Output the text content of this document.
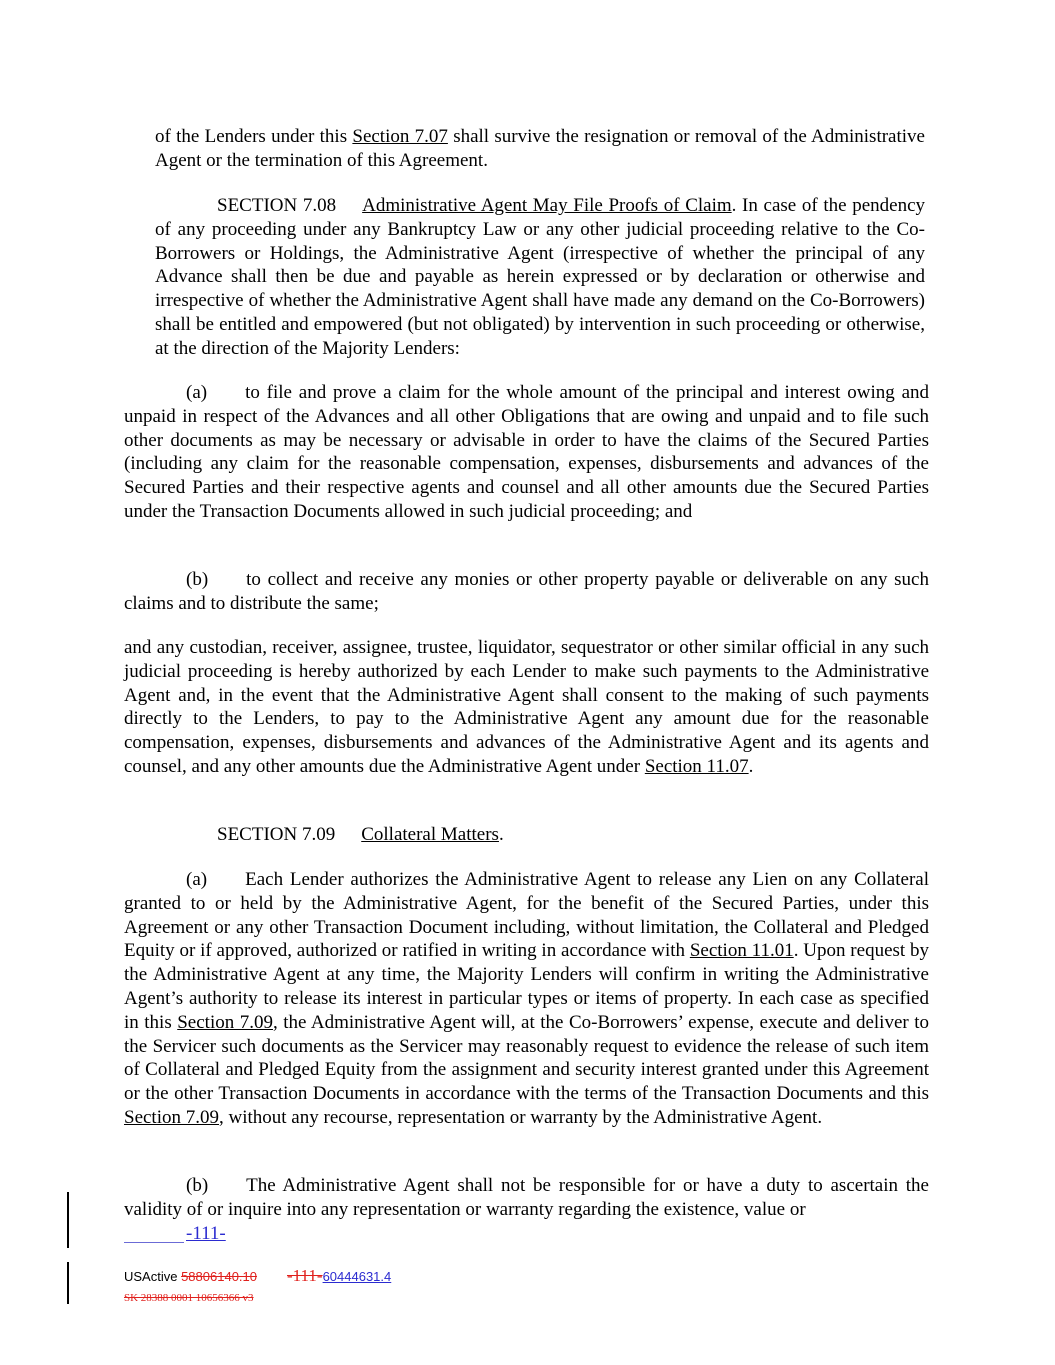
of the Lenders under this Section 7.07 shall survive the resignation or removal of the Administrative Agent or the termination of this Agreement.

SECTION 7.08 Administrative Agent May File Proofs of Claim. In case of the pendency of any proceeding under any Bankruptcy Law or any other judicial proceeding relative to the Co-Borrowers or Holdings, the Administrative Agent (irrespective of whether the principal of any Advance shall then be due and payable as herein expressed or by declaration or otherwise and irrespective of whether the Administrative Agent shall have made any demand on the Co-Borrowers) shall be entitled and empowered (but not obligated) by intervention in such proceeding or otherwise, at the direction of the Majority Lenders:

(a) to file and prove a claim for the whole amount of the principal and interest owing and unpaid in respect of the Advances and all other Obligations that are owing and unpaid and to file such other documents as may be necessary or advisable in order to have the claims of the Secured Parties (including any claim for the reasonable compensation, expenses, disbursements and advances of the Secured Parties and their respective agents and counsel and all other amounts due the Secured Parties under the Transaction Documents allowed in such judicial proceeding; and

(b) to collect and receive any monies or other property payable or deliverable on any such claims and to distribute the same;

and any custodian, receiver, assignee, trustee, liquidator, sequestrator or other similar official in any such judicial proceeding is hereby authorized by each Lender to make such payments to the Administrative Agent and, in the event that the Administrative Agent shall consent to the making of such payments directly to the Lenders, to pay to the Administrative Agent any amount due for the reasonable compensation, expenses, disbursements and advances of the Administrative Agent and its agents and counsel, and any other amounts due the Administrative Agent under Section 11.07.

SECTION 7.09 Collateral Matters.

(a) Each Lender authorizes the Administrative Agent to release any Lien on any Collateral granted to or held by the Administrative Agent, for the benefit of the Secured Parties, under this Agreement or any other Transaction Document including, without limitation, the Collateral and Pledged Equity or if approved, authorized or ratified in writing in accordance with Section 11.01. Upon request by the Administrative Agent at any time, the Majority Lenders will confirm in writing the Administrative Agent’s authority to release its interest in particular types or items of property. In each case as specified in this Section 7.09, the Administrative Agent will, at the Co-Borrowers’ expense, execute and deliver to the Servicer such documents as the Servicer may reasonably request to evidence the release of such item of Collateral and Pledged Equity from the assignment and security interest granted under this Agreement or the other Transaction Documents in accordance with the terms of the Transaction Documents and this Section 7.09, without any recourse, representation or warranty by the Administrative Agent.

(b) The Administrative Agent shall not be responsible for or have a duty to ascertain the validity of or inquire into any representation or warranty regarding the existence, value or

-111-
USActive 58806140.10 -111-60444631.4
SK 28388 0001 10656366 v3
